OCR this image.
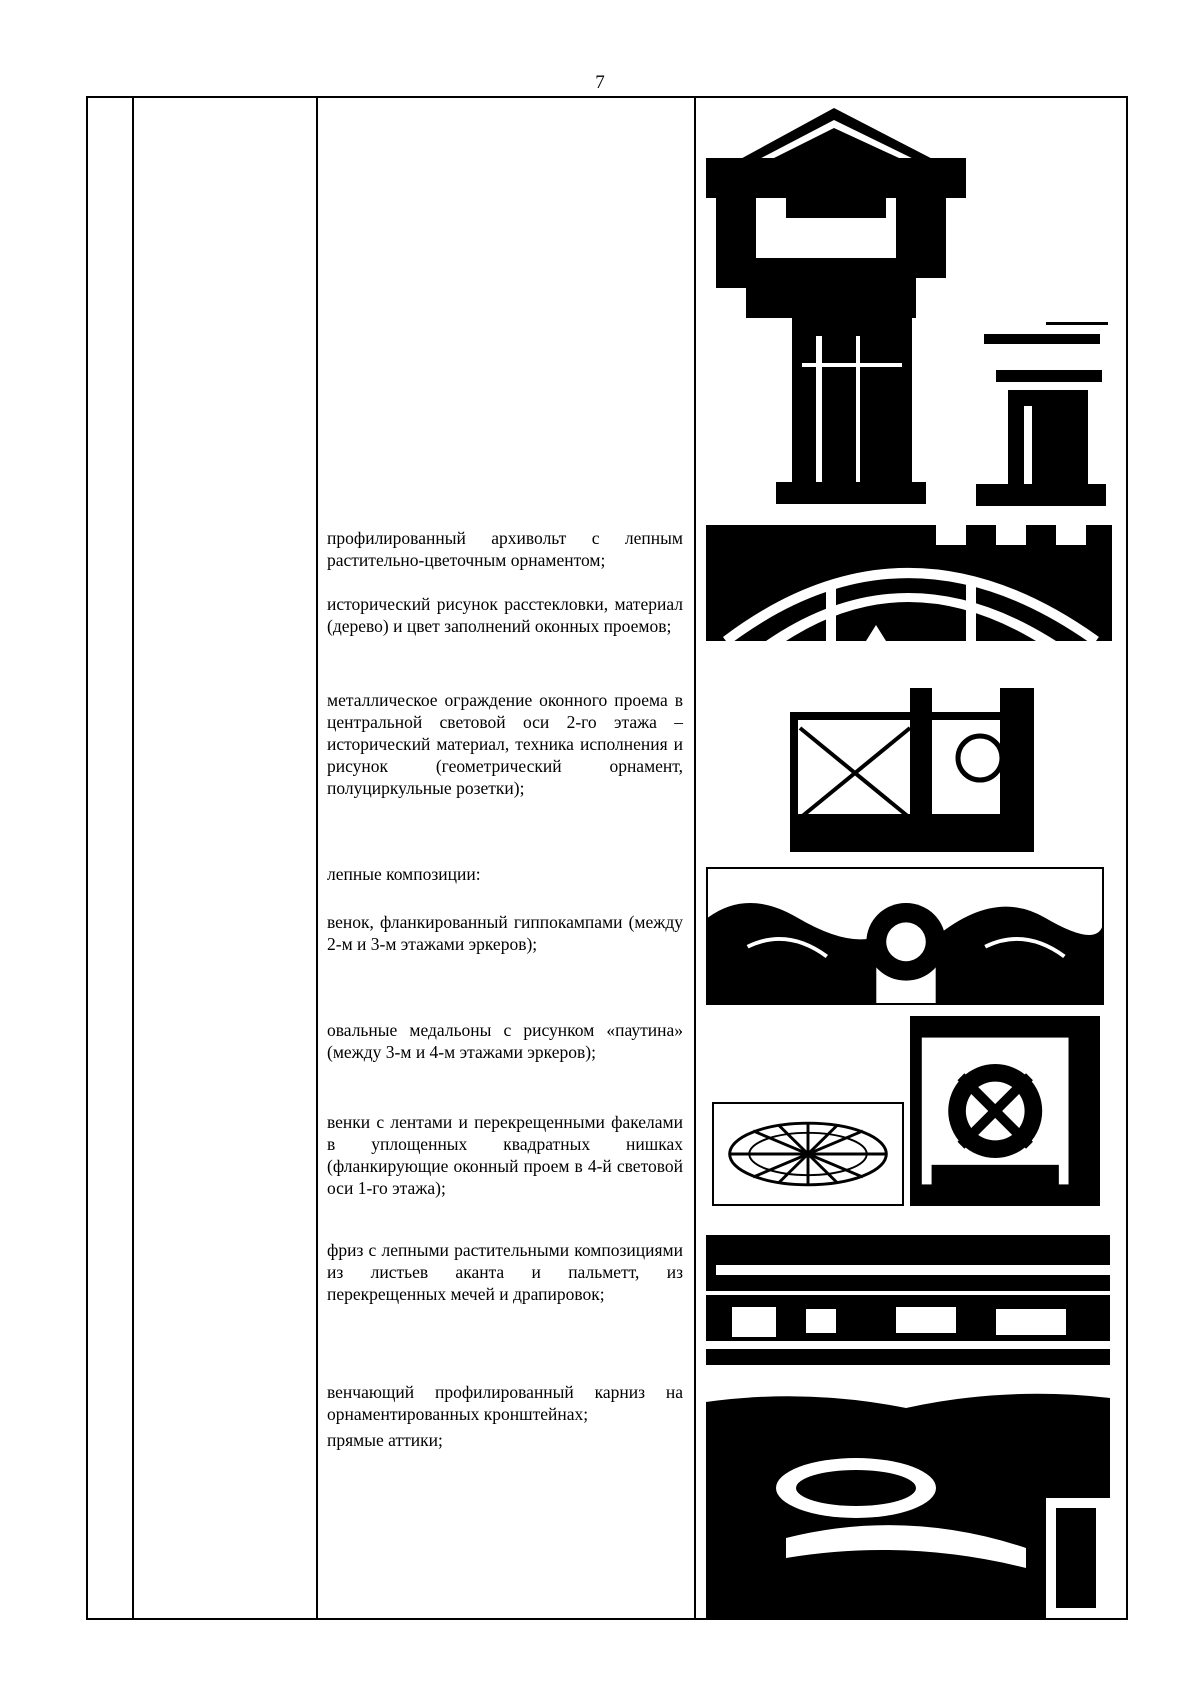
7
профилированный архивольт с лепным растительно-цветочным орнаментом;
исторический рисунок расстекловки, материал (дерево) и цвет заполнений оконных проемов;
металлическое ограждение оконного проема в центральной световой оси 2-го этажа – исторический материал, техника исполнения и рисунок (геометрический орнамент, полуциркульные розетки);
лепные композиции:
венок, фланкированный гиппокампами (между 2-м и 3-м этажами эркеров);
овальные медальоны с рисунком «паутина» (между 3-м и 4-м этажами эркеров);
венки с лентами и перекрещенными факелами в уплощенных квадратных нишках (фланкирующие оконный проем в 4-й световой оси 1-го этажа);
фриз с лепными растительными композициями из листьев аканта и пальметт, из перекрещенных мечей и драпировок;
венчающий профилированный карниз на орнаментированных кронштейнах;
прямые аттики;
